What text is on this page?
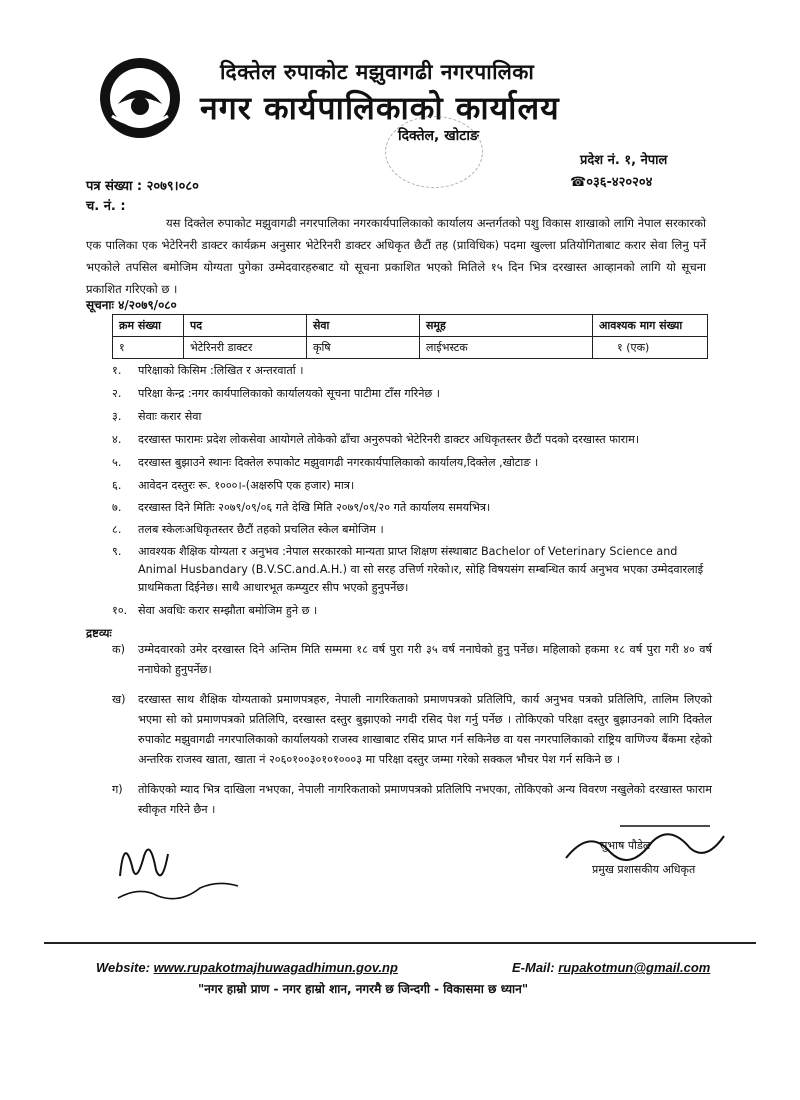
दिक्तेल रुपाकोट मझुवागढी नगरपालिका
नगर कार्यपालिकाको कार्यालय
दिक्तेल, खोटाङ
प्रदेश नं. १, नेपाल
☎०३६-४२०२०४
पत्र संख्या : २०७९।०८०
च. नं. :

यस दिक्तेल रुपाकोट मझुवागढी नगरपालिका नगरकार्यपालिकाको कार्यालय अन्तर्गतको पशु विकास शाखाको लागि नेपाल सरकारको एक पालिका एक भेटेरिनरी डाक्टर कार्यक्रम अनुसार भेटेरिनरी डाक्टर अधिकृत छैटौं तह (प्राविधिक) पदमा खुल्ला प्रतियोगिताबाट करार सेवा लिनु पर्ने भएकोले तपसिल बमोजिम योग्यता पुगेका उम्मेदवारहरुबाट यो सूचना प्रकाशित भएको मितिले १५ दिन भित्र दरखास्त आव्हानको लागि यो सूचना प्रकाशित गरिएको छ ।

सूचनाः ४/२०७९/०८०
क्रम संख्या	पद	सेवा	समूह	आवश्यक माग संख्या
१	भेटेरिनरी डाक्टर	कृषि	लाईभस्टक	१ (एक)
१.	परिक्षाको किसिम :लिखित र अन्तरवार्ता ।
२.	परिक्षा केन्द्र :नगर कार्यपालिकाको कार्यालयको सूचना पाटीमा टाँस गरिनेछ ।
३.	सेवाः करार सेवा
४.	दरखास्त फारामः प्रदेश लोकसेवा आयोगले तोकेको ढाँचा अनुरुपको भेटेरिनरी डाक्टर अधिकृतस्तर छैटौं पदको दरखास्त फाराम।
५.	दरखास्त बुझाउने स्थानः दिक्तेल रुपाकोट मझुवागढी नगरकार्यपालिकाको कार्यालय,दिक्तेल ,खोटाङ ।
६.	आवेदन दस्तुरः रू. १०००।-(अक्षरुपि एक हजार) मात्र।
७.	दरखास्त दिने मितिः २०७९/०९/०६ गते देखि मिति २०७९/०९/२० गते कार्यालय समयभित्र।
८.	तलब स्केलःअधिकृतस्तर छैटौं तहको प्रचलित स्केल बमोजिम ।
९.	आवश्यक शैक्षिक योग्यता र अनुभव :नेपाल सरकारको मान्यता प्राप्त शिक्षण संस्थाबाट Bachelor of Veterinary Science and Animal Husbandary (B.V.SC.and.A.H.) वा सो सरह उत्तिर्ण गरेको।र, सोहि विषयसंग सम्बन्धित कार्य अनुभव भएका उम्मेदवारलाई प्राथमिकता दिईनेछ। साथै आधारभूत कम्प्युटर सीप भएको हुनुपर्नेछ।
१०. सेवा अवधिः करार सम्झौता बमोजिम हुने छ ।
द्रष्टव्यः
क)	उम्मेदवारको उमेर दरखास्त दिने अन्तिम मिति सम्ममा १८ वर्ष पुरा गरी ३५ वर्ष ननाघेको हुनु पर्नेछ। महिलाको हकमा १८ वर्ष पुरा गरी ४० वर्ष ननाघेको हुनुपर्नेछ।
ख)	दरखास्त साथ शैक्षिक योग्यताको प्रमाणपत्रहरु, नेपाली नागरिकताको प्रमाणपत्रको प्रतिलिपि, कार्य अनुभव पत्रको प्रतिलिपि, तालिम लिएको भएमा सो को प्रमाणपत्रको प्रतिलिपि, दरखास्त दस्तुर बुझाएको नगदी रसिद पेश गर्नु पर्नेछ । तोकिएको परिक्षा दस्तुर बुझाउनको लागि दिक्तेल रुपाकोट मझुवागढी नगरपालिकाको कार्यालयको राजस्व शाखाबाट रसिद प्राप्त गर्न सकिनेछ वा यस नगरपालिकाको राष्ट्रिय वाणिज्य बैंकमा रहेको अन्तरिक राजस्व खाता, खाता नं २०६०१००३०१०१०००३ मा परिक्षा दस्तुर जम्मा गरेको सक्कल भौचर पेश गर्न सकिने छ ।
ग)	तोकिएको म्याद भित्र दाखिला नभएका, नेपाली नागरिकताको प्रमाणपत्रको प्रतिलिपि नभएका, तोकिएको अन्य विवरण नखुलेको दरखास्त फाराम स्वीकृत गरिने छैन ।
सुभाष पौडेल
प्रमुख प्रशासकीय अधिकृत
Website: www.rupakotmajhuwagadhimun.gov.np	E-Mail: rupakotmun@gmail.com
"नगर हाम्रो प्राण - नगर हाम्रो शान, नगरमै छ जिन्दगी - विकासमा छ ध्यान"
